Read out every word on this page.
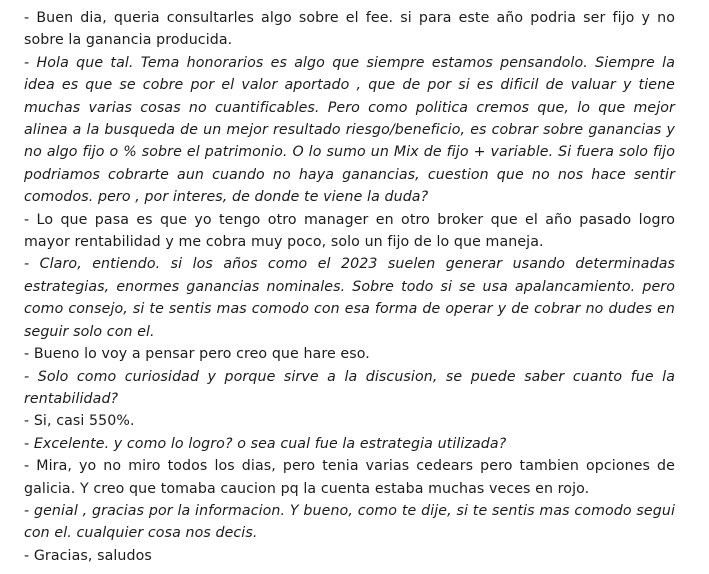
- Buen dia, queria consultarles algo sobre el fee. si para este año podria ser fijo y no sobre la ganancia producida.

- Hola que tal. Tema honorarios es algo que siempre estamos pensandolo. Siempre la idea es que se cobre por el valor aportado , que de por si es dificil de valuar y tiene muchas varias cosas no cuantificables. Pero como politica cremos que, lo que mejor alinea a la busqueda de un mejor resultado riesgo/beneficio, es cobrar sobre ganancias y no algo fijo o % sobre el patrimonio. O lo sumo un Mix de fijo + variable. Si fuera solo fijo podriamos cobrarte aun cuando no haya ganancias, cuestion que no nos hace sentir comodos. pero , por interes, de donde te viene la duda?

- Lo que pasa es que yo tengo otro manager en otro broker que el año pasado logro mayor rentabilidad y me cobra muy poco, solo un fijo de lo que maneja.

- Claro, entiendo. si los años como el 2023 suelen generar usando determinadas estrategias, enormes ganancias nominales. Sobre todo si se usa apalancamiento. pero como consejo, si te sentis mas comodo con esa forma de operar y de cobrar no dudes en seguir solo con el.

- Bueno lo voy a pensar pero creo que hare eso.

- Solo como curiosidad y porque sirve a la discusion, se puede saber cuanto fue la rentabilidad?

- Si, casi 550%.

- Excelente. y como lo logro? o sea cual fue la estrategia utilizada?

- Mira, yo no miro todos los dias, pero tenia varias cedears pero tambien opciones de galicia. Y creo que tomaba caucion pq la cuenta estaba muchas veces en rojo.

- genial , gracias por la informacion. Y bueno, como te dije, si te sentis mas comodo segui con el. cualquier cosa nos decis.

- Gracias, saludos
